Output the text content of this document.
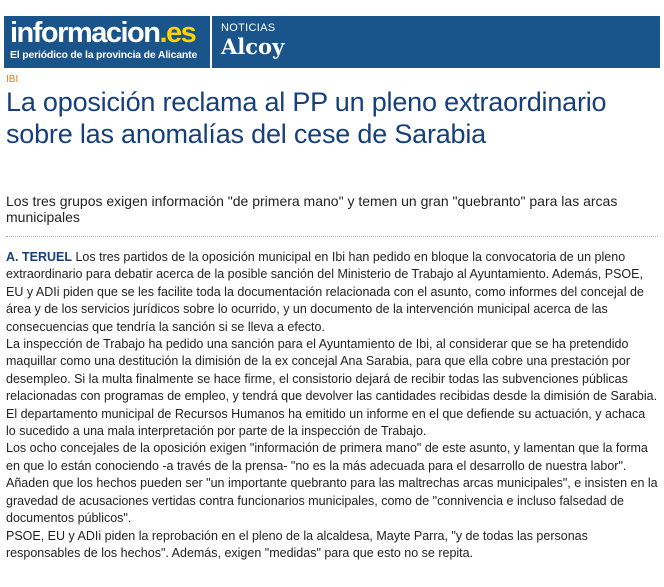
informacion.es
El periódico de la provincia de Alicante
NOTICIAS
Alcoy
IBI
La oposición reclama al PP un pleno extraordinario sobre las anomalías del cese de Sarabia

Los tres grupos exigen información "de primera mano" y temen un gran "quebranto" para las arcas municipales

A. TERUEL Los tres partidos de la oposición municipal en Ibi han pedido en bloque la convocatoria de un pleno extraordinario para debatir acerca de la posible sanción del Ministerio de Trabajo al Ayuntamiento. Además, PSOE, EU y ADIi piden que se les facilite toda la documentación relacionada con el asunto, como informes del concejal de área y de los servicios jurídicos sobre lo ocurrido, y un documento de la intervención municipal acerca de las consecuencias que tendría la sanción si se lleva a efecto.

La inspección de Trabajo ha pedido una sanción para el Ayuntamiento de Ibi, al considerar que se ha pretendido maquillar como una destitución la dimisión de la ex concejal Ana Sarabia, para que ella cobre una prestación por desempleo. Si la multa finalmente se hace firme, el consistorio dejará de recibir todas las subvenciones públicas relacionadas con programas de empleo, y tendrá que devolver las cantidades recibidas desde la dimisión de Sarabia. El departamento municipal de Recursos Humanos ha emitido un informe en el que defiende su actuación, y achaca lo sucedido a una mala interpretación por parte de la inspección de Trabajo.

Los ocho concejales de la oposición exigen "información de primera mano" de este asunto, y lamentan que la forma en que lo están conociendo -a través de la prensa- "no es la más adecuada para el desarrollo de nuestra labor". Añaden que los hechos pueden ser "un importante quebranto para las maltrechas arcas municipales", e insisten en la gravedad de acusaciones vertidas contra funcionarios municipales, como de "connivencia e incluso falsedad de documentos públicos".

PSOE, EU y ADIi piden la reprobación en el pleno de la alcaldesa, Mayte Parra, "y de todas las personas responsables de los hechos". Además, exigen "medidas" para que esto no se repita.
